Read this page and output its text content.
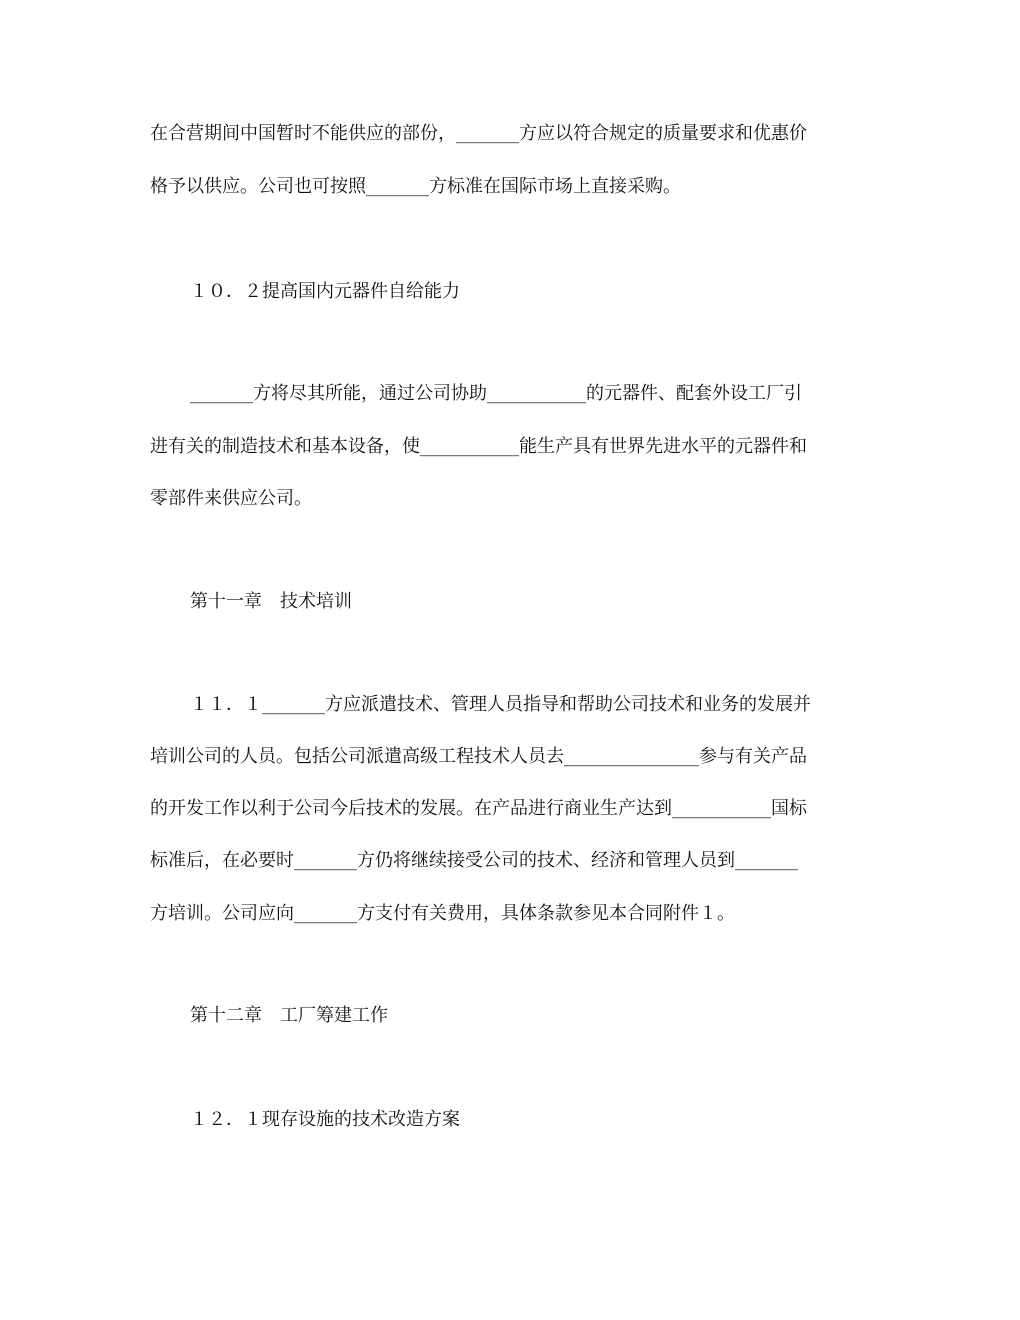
在合营期间中国暂时不能供应的部份，_______方应以符合规定的质量要求和优惠价
格予以供应。公司也可按照_______方标准在国际市场上直接采购。
１０．２提高国内元器件自给能力
_______方将尽其所能，通过公司协助___________的元器件、配套外设工厂引
进有关的制造技术和基本设备，使___________能生产具有世界先进水平的元器件和
零部件来供应公司。
第十一章　技术培训
１１．１_______方应派遣技术、管理人员指导和帮助公司技术和业务的发展并
培训公司的人员。包括公司派遣高级工程技术人员去_______________参与有关产品
的开发工作以利于公司今后技术的发展。在产品进行商业生产达到___________国标
标准后，在必要时_______方仍将继续接受公司的技术、经济和管理人员到_______
方培训。公司应向_______方支付有关费用，具体条款参见本合同附件１。
第十二章　工厂筹建工作
１２．１现存设施的技术改造方案
